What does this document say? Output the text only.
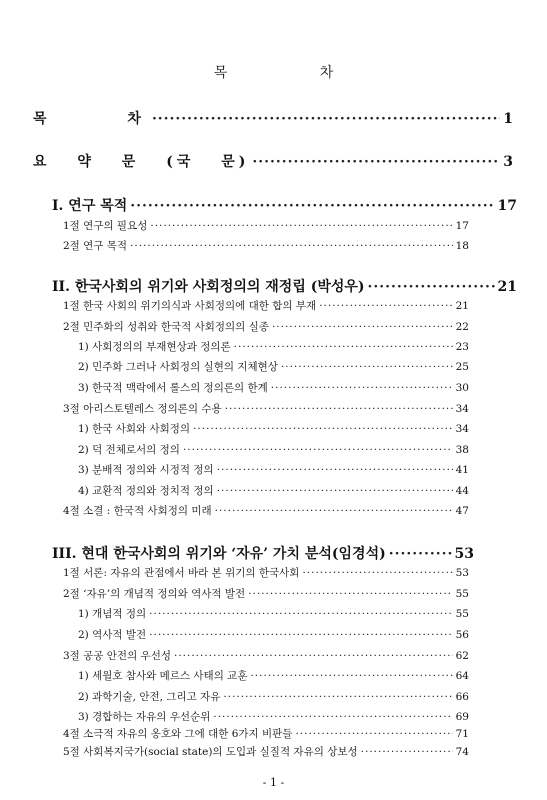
목 차
목 차 ·····	1
요 약 문 (국 문) ·····	3
I. 연구 목적 ·····	17
1절 연구의 필요성 ·····	17
2절 연구 목적 ·····	18
II. 한국사회의 위기와 사회정의의 재정립 (박성우) ·····	21
1절 한국 사회의 위기의식과 사회정의에 대한 합의 부재 ·····	21
2절 민주화의 성취와 한국적 사회정의의 실종 ·····	22
1) 사회정의의 부재현상과 정의론 ·····	23
2) 민주화 그러나 사회정의 실현의 지체현상 ·····	25
3) 한국적 맥락에서 롤스의 정의론의 한계 ·····	30
3절 아리스토텔레스 정의론의 수용 ·····	34
1) 한국 사회와 사회정의 ·····	34
2) 덕 전체로서의 정의 ·····	38
3) 분배적 정의와 시정적 정의 ·····	41
4) 교환적 정의와 정치적 정의 ·····	44
4절 소결 : 한국적 사회정의 미래 ·····	47
III. 현대 한국사회의 위기와 ‘자유’ 가치 분석(임경석) ·····	53
1절 서론: 자유의 관점에서 바라 본 위기의 한국사회 ·····	53
2절 ‘자유’의 개념적 정의와 역사적 발전 ·····	55
1) 개념적 정의 ·····	55
2) 역사적 발전 ·····	56
3절 공공 안전의 우선성 ·····	62
1) 세월호 참사와 메르스 사태의 교훈 ·····	64
2) 과학기술, 안전, 그리고 자유 ·····	66
3) 경합하는 자유의 우선순위 ·····	69
4절 소극적 자유의 옹호와 그에 대한 6가지 비판들 ·····	71
5절 사회복지국가(social state)의 도입과 실질적 자유의 상보성 ·····	74
- 1 -
